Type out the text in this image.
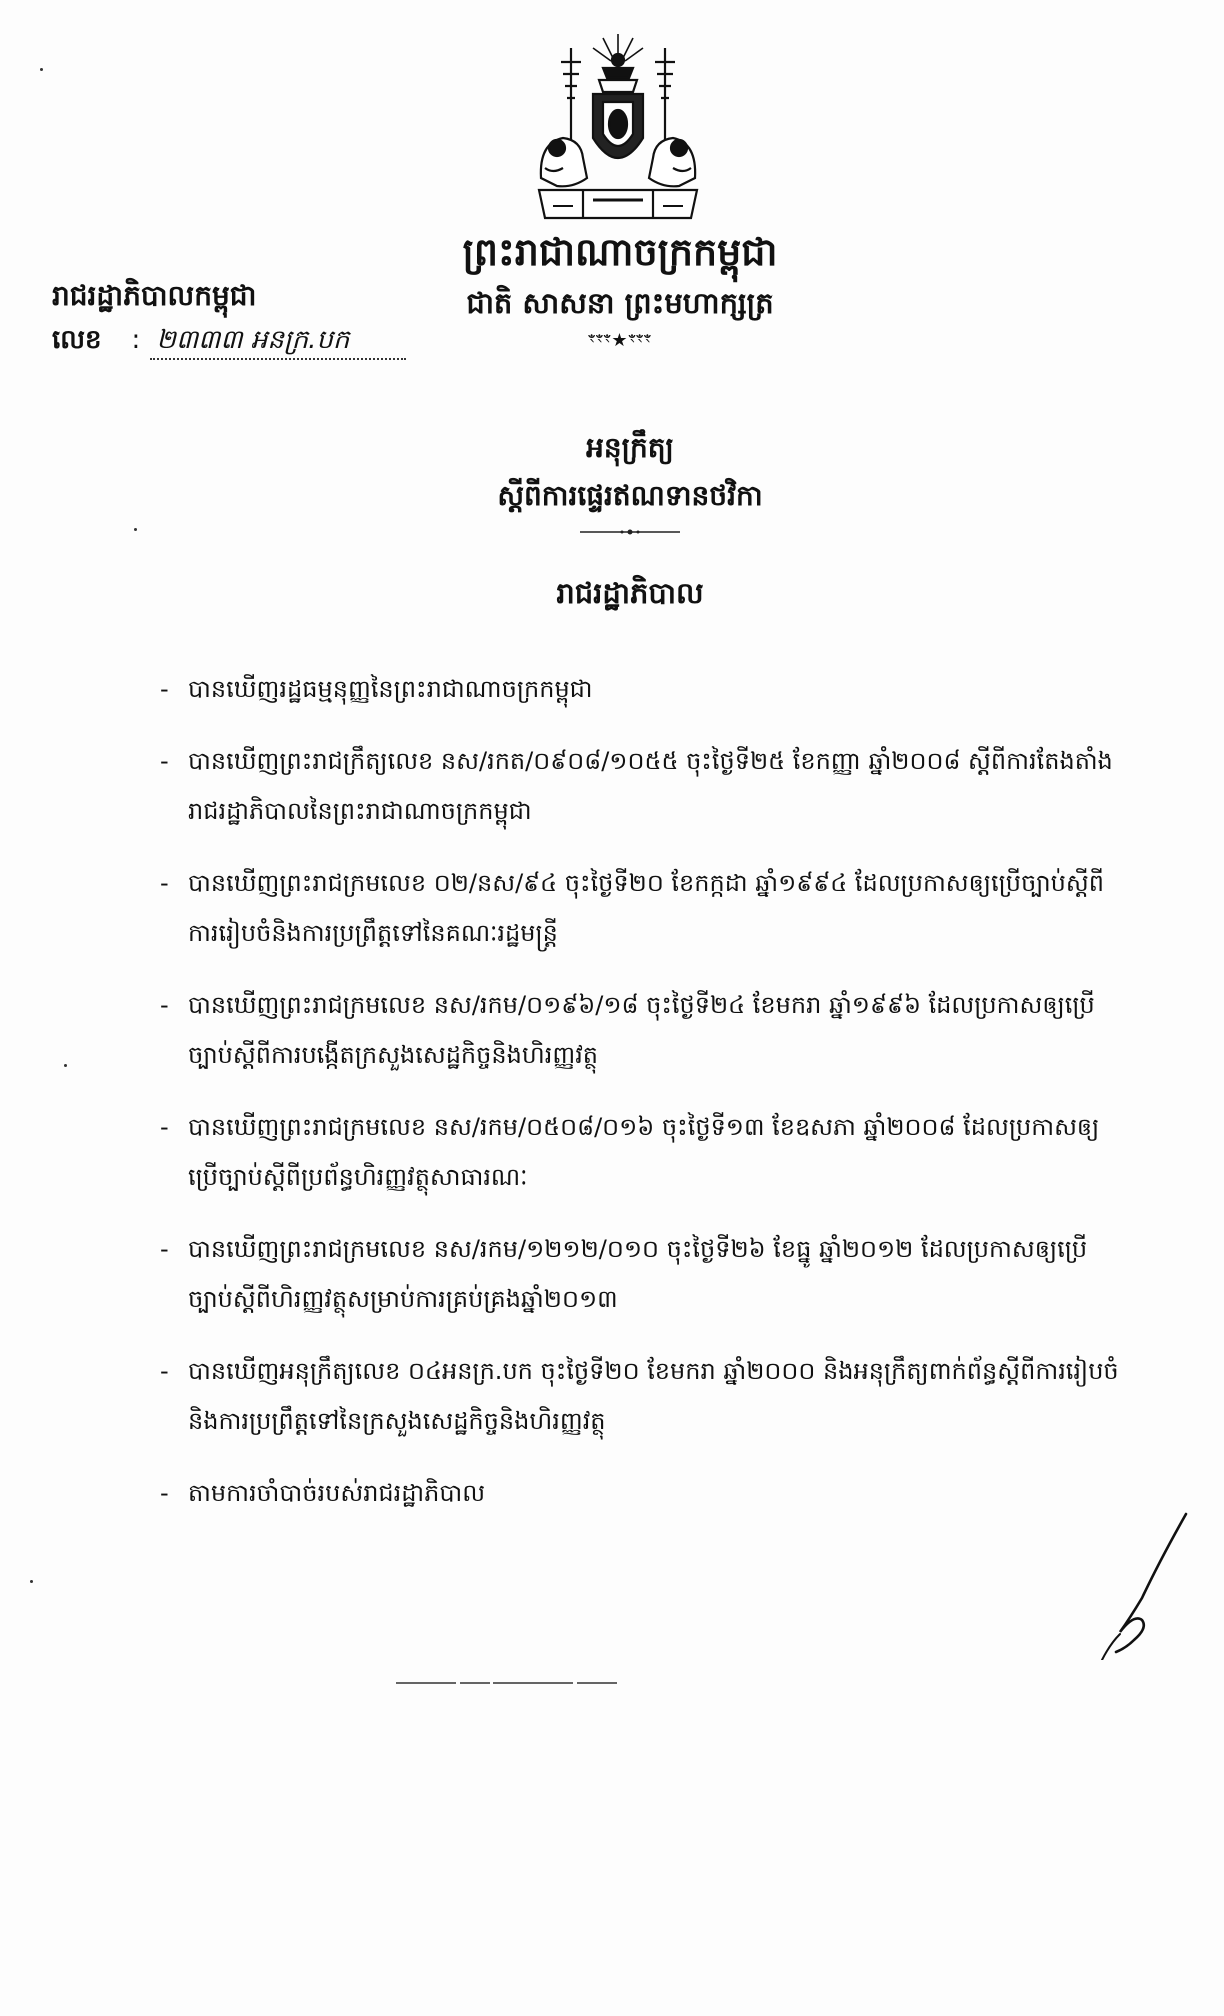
ព្រះរាជាណាចក្រកម្ពុជា
ជាតិ សាសនា ព្រះមហាក្សត្រ
ꣳꣳꣳ★ꣳꣳꣳ
រាជរដ្ឋាភិបាលកម្ពុជា
លេខ : ២៣៣៣ អនក្រ.បក
អនុក្រឹត្យ
ស្តីពីការផ្ទេរឥណទានថវិកា
រាជរដ្ឋាភិបាល
- បានឃើញរដ្ឋធម្មនុញ្ញនៃព្រះរាជាណាចក្រកម្ពុជា
- បានឃើញព្រះរាជក្រឹត្យលេខ នស/រកត/០៩០៨/១០៥៥ ចុះថ្ងៃទី២៥ ខែកញ្ញា ឆ្នាំ២០០៨ ស្តីពីការតែងតាំងរាជរដ្ឋាភិបាលនៃព្រះរាជាណាចក្រកម្ពុជា
- បានឃើញព្រះរាជក្រមលេខ ០២/នស/៩៤ ចុះថ្ងៃទី២០ ខែកក្កដា ឆ្នាំ១៩៩៤ ដែលប្រកាសឲ្យប្រើច្បាប់ស្តីពីការរៀបចំនិងការប្រព្រឹត្តទៅនៃគណៈរដ្ឋមន្ត្រី
- បានឃើញព្រះរាជក្រមលេខ នស/រកម/០១៩៦/១៨ ចុះថ្ងៃទី២៤ ខែមករា ឆ្នាំ១៩៩៦ ដែលប្រកាសឲ្យប្រើច្បាប់ស្តីពីការបង្កើតក្រសួងសេដ្ឋកិច្ចនិងហិរញ្ញវត្ថុ
- បានឃើញព្រះរាជក្រមលេខ នស/រកម/០៥០៨/០១៦ ចុះថ្ងៃទី១៣ ខែឧសភា ឆ្នាំ២០០៨ ដែលប្រកាសឲ្យប្រើច្បាប់ស្តីពីប្រព័ន្ធហិរញ្ញវត្ថុសាធារណៈ
- បានឃើញព្រះរាជក្រមលេខ នស/រកម/១២១២/០១០ ចុះថ្ងៃទី២៦ ខែធ្នូ ឆ្នាំ២០១២ ដែលប្រកាសឲ្យប្រើច្បាប់ស្តីពីហិរញ្ញវត្ថុសម្រាប់ការគ្រប់គ្រងឆ្នាំ២០១៣
- បានឃើញអនុក្រឹត្យលេខ ០៤អនក្រ.បក ចុះថ្ងៃទី២០ ខែមករា ឆ្នាំ២០០០ និងអនុក្រឹត្យពាក់ព័ន្ធស្តីពីការរៀបចំនិងការប្រព្រឹត្តទៅនៃក្រសួងសេដ្ឋកិច្ចនិងហិរញ្ញវត្ថុ
- តាមការចាំបាច់របស់រាជរដ្ឋាភិបាល
